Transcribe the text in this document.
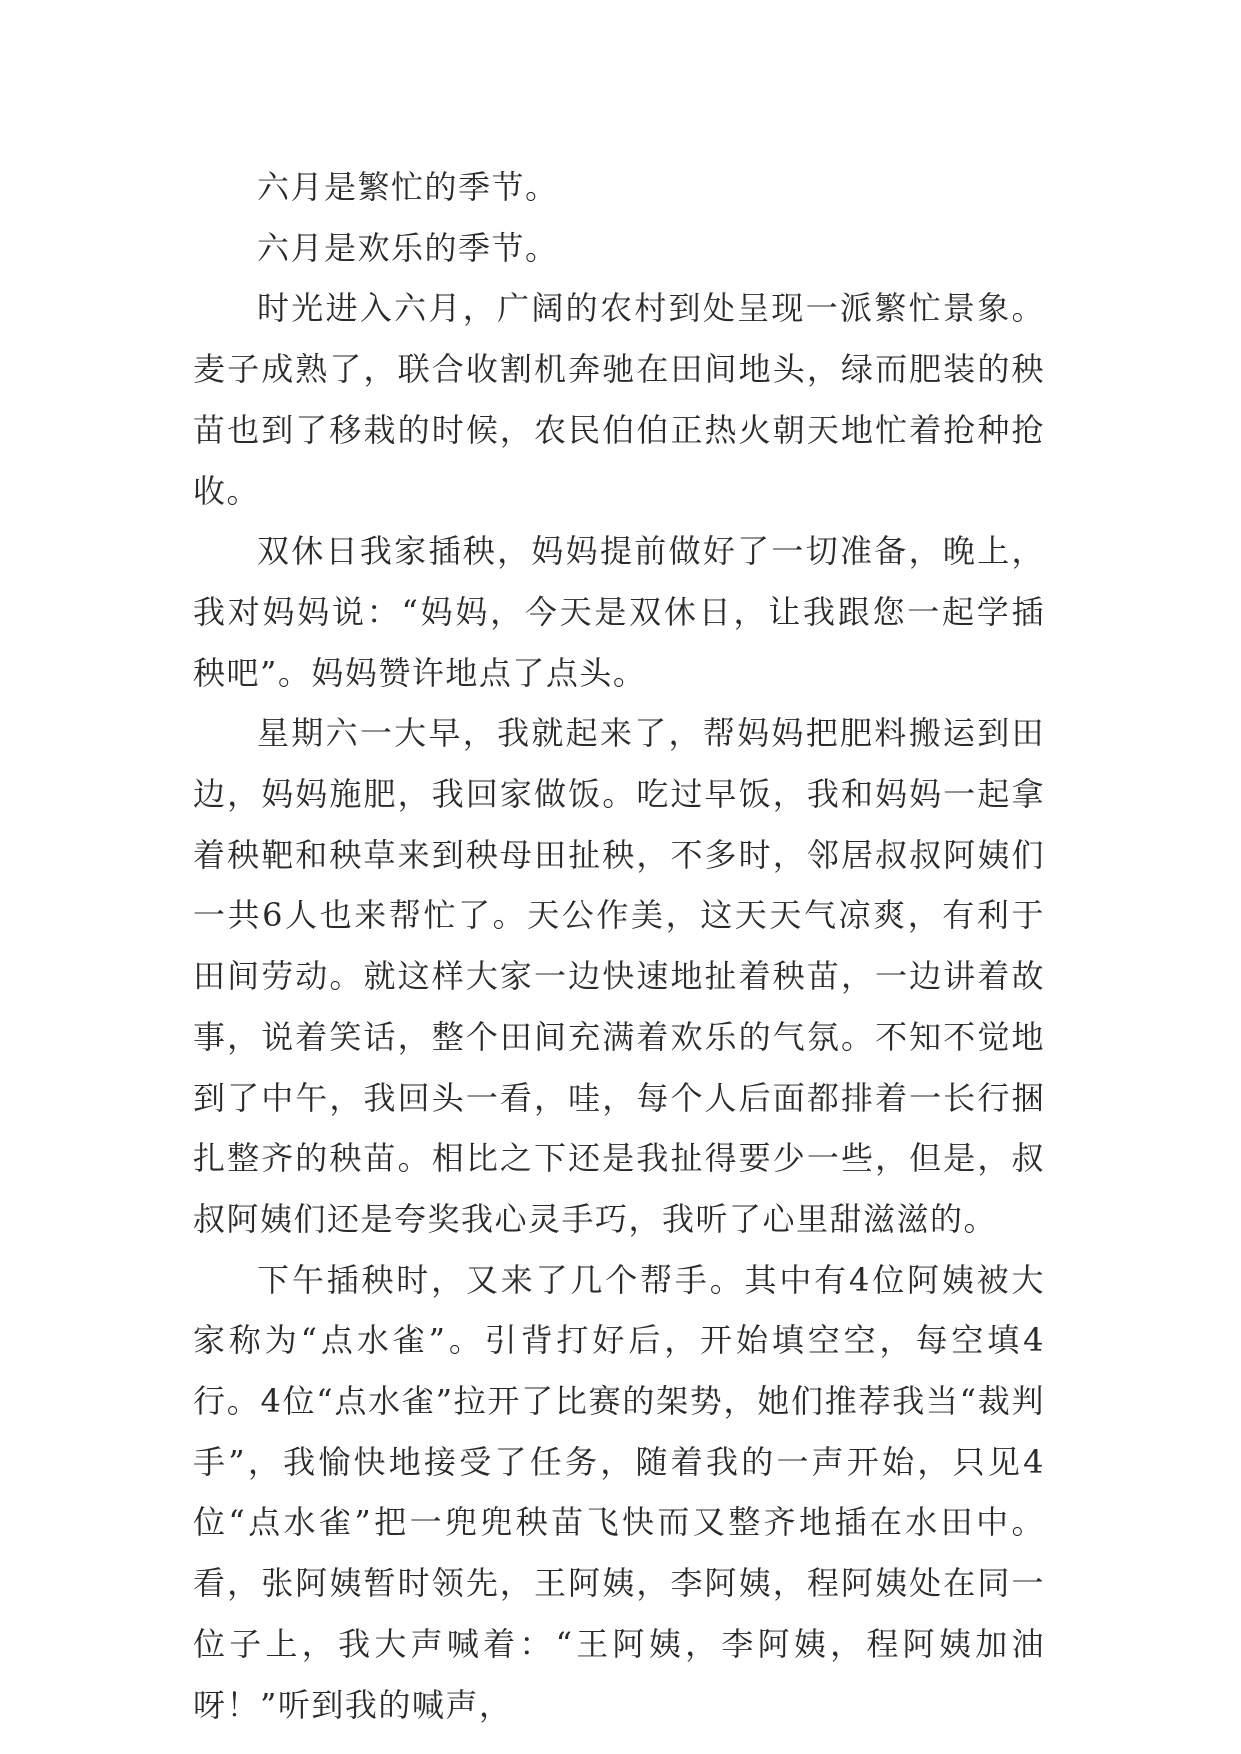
六月是繁忙的季节。

六月是欢乐的季节。

时光进入六月，广阔的农村到处呈现一派繁忙景象。麦子成熟了，联合收割机奔驰在田间地头，绿而肥装的秧苗也到了移栽的时候，农民伯伯正热火朝天地忙着抢种抢收。

双休日我家插秧，妈妈提前做好了一切准备，晚上，我对妈妈说：“妈妈，今天是双休日，让我跟您一起学插秧吧”。妈妈赞许地点了点头。

星期六一大早，我就起来了，帮妈妈把肥料搬运到田边，妈妈施肥，我回家做饭。吃过早饭，我和妈妈一起拿着秧靶和秧草来到秧母田扯秧，不多时，邻居叔叔阿姨们一共6人也来帮忙了。天公作美，这天天气凉爽，有利于田间劳动。就这样大家一边快速地扯着秧苗，一边讲着故事，说着笑话，整个田间充满着欢乐的气氛。不知不觉地到了中午，我回头一看，哇，每个人后面都排着一长行捆扎整齐的秧苗。相比之下还是我扯得要少一些，但是，叔叔阿姨们还是夸奖我心灵手巧，我听了心里甜滋滋的。

下午插秧时，又来了几个帮手。其中有4位阿姨被大家称为“点水雀”。引背打好后，开始填空空，每空填4行。4位“点水雀”拉开了比赛的架势，她们推荐我当“裁判手”，我愉快地接受了任务，随着我的一声开始，只见4位“点水雀”把一兜兜秧苗飞快而又整齐地插在水田中。看，张阿姨暂时领先，王阿姨，李阿姨，程阿姨处在同一位子上，我大声喊着：“王阿姨，李阿姨，程阿姨加油呀！”听到我的喊声，
